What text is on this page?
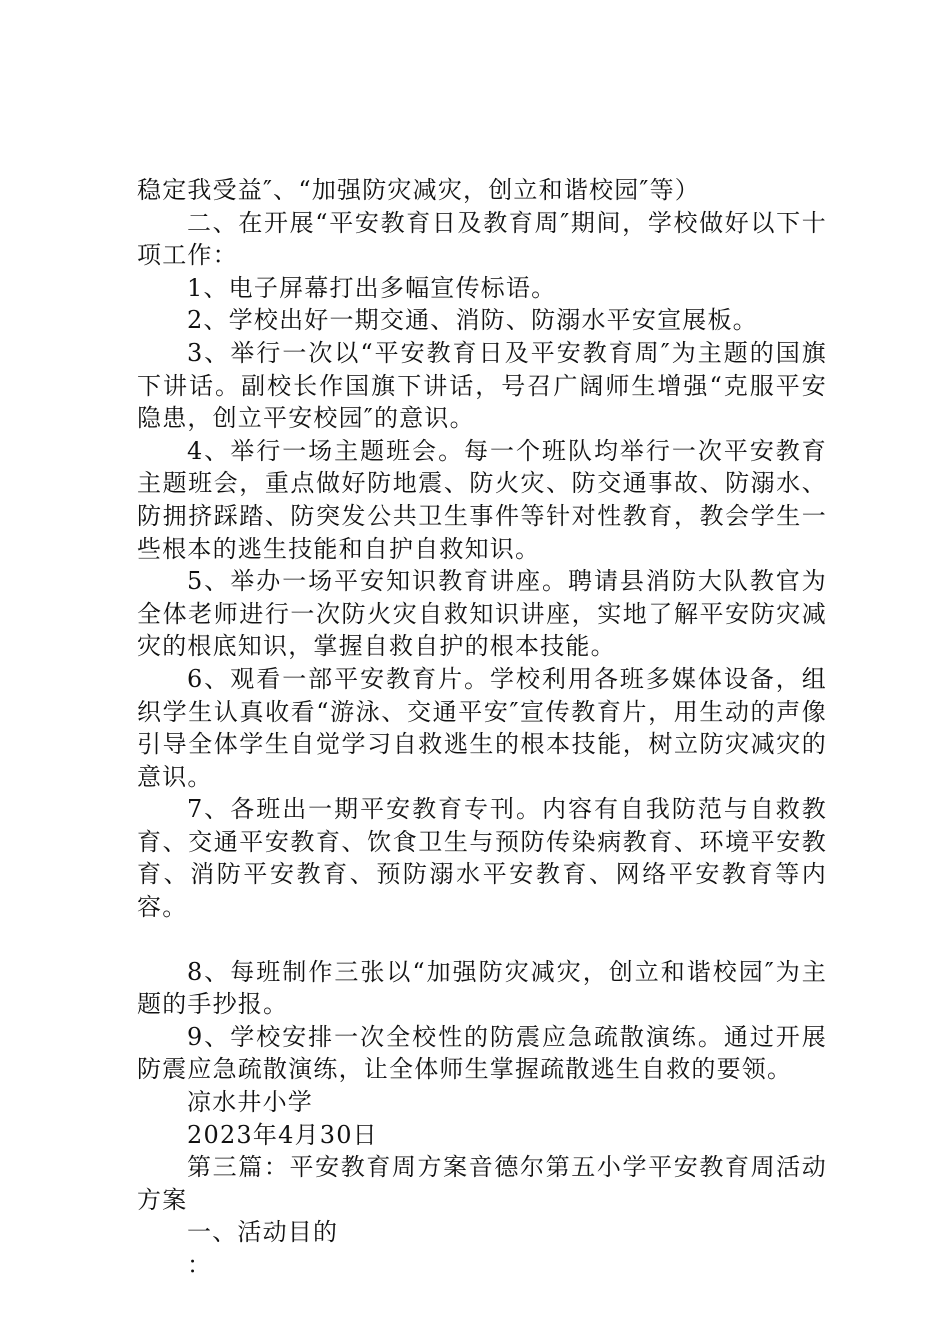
稳定我受益″、“加强防灾减灾，创立和谐校园″等）

二、在开展“平安教育日及教育周″期间，学校做好以下十项工作：

1、电子屏幕打出多幅宣传标语。

2、学校出好一期交通、消防、防溺水平安宣展板。

3、举行一次以“平安教育日及平安教育周″为主题的国旗下讲话。副校长作国旗下讲话，号召广阔师生增强“克服平安隐患，创立平安校园″的意识。

4、举行一场主题班会。每一个班队均举行一次平安教育主题班会，重点做好防地震、防火灾、防交通事故、防溺水、防拥挤踩踏、防突发公共卫生事件等针对性教育，教会学生一些根本的逃生技能和自护自救知识。

5、举办一场平安知识教育讲座。聘请县消防大队教官为全体老师进行一次防火灾自救知识讲座，实地了解平安防灾减灾的根底知识，掌握自救自护的根本技能。

6、观看一部平安教育片。学校利用各班多媒体设备，组织学生认真收看“游泳、交通平安″宣传教育片，用生动的声像引导全体学生自觉学习自救逃生的根本技能，树立防灾减灾的意识。

7、各班出一期平安教育专刊。内容有自我防范与自救教育、交通平安教育、饮食卫生与预防传染病教育、环境平安教育、消防平安教育、预防溺水平安教育、网络平安教育等内容。

8、每班制作三张以“加强防灾减灾，创立和谐校园″为主题的手抄报。

9、学校安排一次全校性的防震应急疏散演练。通过开展防震应急疏散演练，让全体师生掌握疏散逃生自救的要领。

凉水井小学

2023年4月30日

第三篇：平安教育周方案音德尔第五小学平安教育周活动方案

一、活动目的

：
